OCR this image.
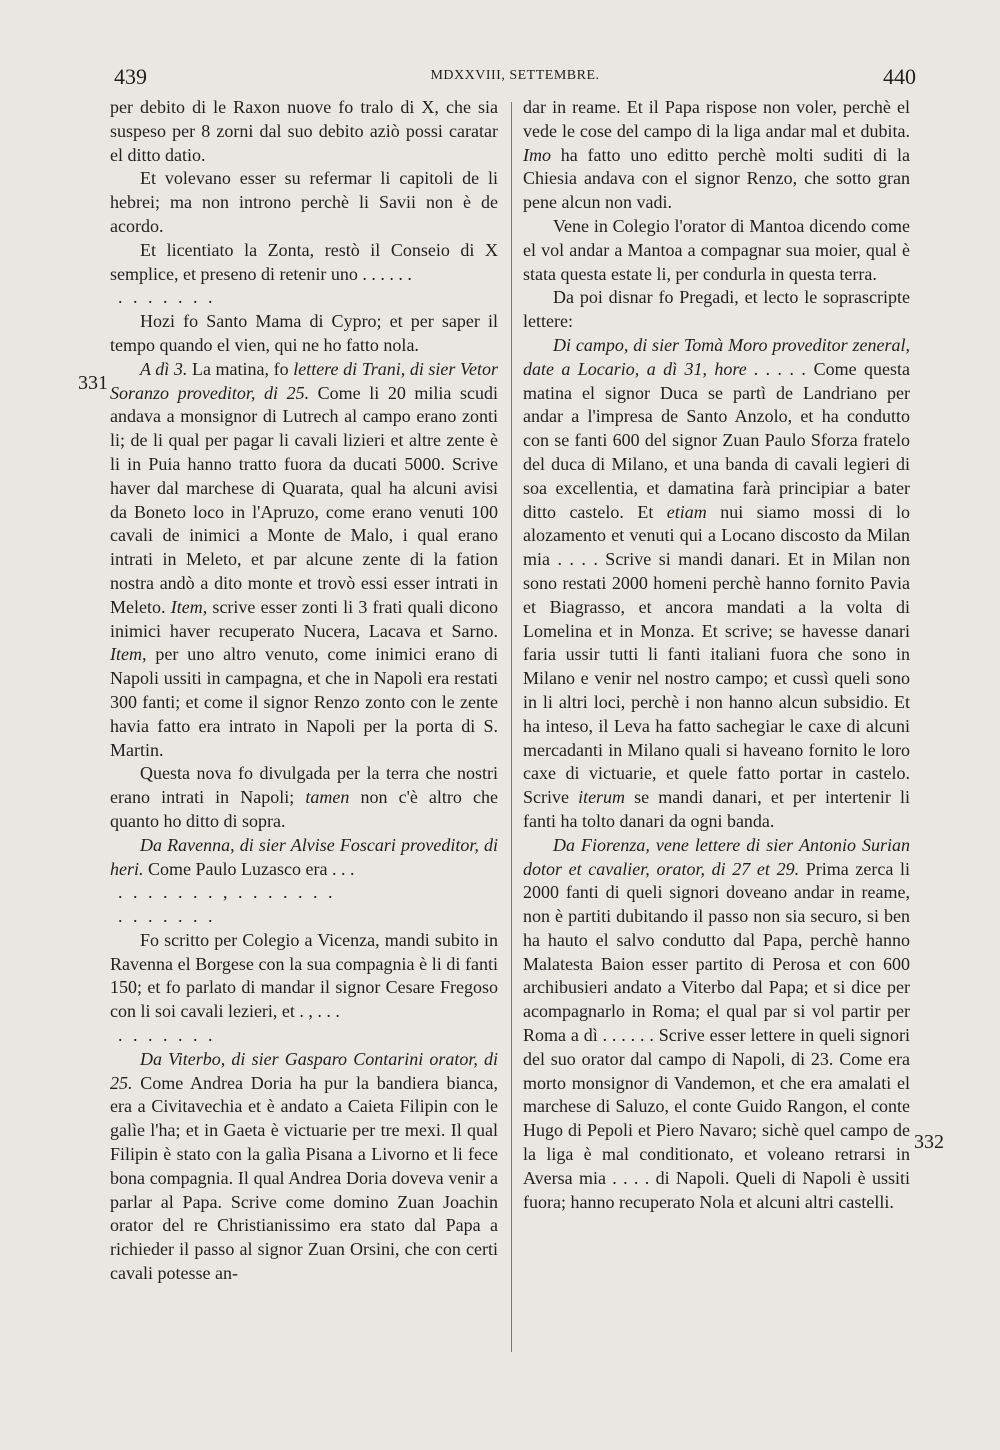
439	MDXXVIII, SETTEMBRE.	440
331
332

per debito di le Raxon nuove fo tralo di X, che sia suspeso per 8 zorni dal suo debito aziò possi caratar el ditto datio.

Et volevano esser su refermar li capitoli de li hebrei; ma non introno perchè li Savii non è de acordo.

Et licentiato la Zonta, restò il Conseio di X semplice, et preseno di retenir uno . . . . . .

. . . . . . .

Hozi fo Santo Mama di Cypro; et per saper il tempo quando el vien, qui ne ho fatto nola.

A dì 3. La matina, fo lettere di Trani, di sier Vetor Soranzo proveditor, di 25. Come li 20 milia scudi andava a monsignor di Lutrech al campo erano zonti li; de li qual per pagar li cavali lizieri et altre zente è li in Puia hanno tratto fuora da ducati 5000. Scrive haver dal marchese di Quarata, qual ha alcuni avisi da Boneto loco in l'Apruzo, come erano venuti 100 cavali de inimici a Monte de Malo, i qual erano intrati in Meleto, et par alcune zente di la fation nostra andò a dito monte et trovò essi esser intrati in Meleto. Item, scrive esser zonti li 3 frati quali dicono inimici haver recuperato Nucera, Lacava et Sarno. Item, per uno altro venuto, come inimici erano di Napoli ussiti in campagna, et che in Napoli era restati 300 fanti; et come il signor Renzo zonto con le zente havia fatto era intrato in Napoli per la porta di S. Martin.

Questa nova fo divulgada per la terra che nostri erano intrati in Napoli; tamen non c'è altro che quanto ho ditto di sopra.

Da Ravenna, di sier Alvise Foscari proveditor, di heri. Come Paulo Luzasco era . . .

. . . . . . . , . . . . . . .

. . . . . . .

Fo scritto per Colegio a Vicenza, mandi subito in Ravenna el Borgese con la sua compagnia è li di fanti 150; et fo parlato di mandar il signor Cesare Fregoso con li soi cavali lezieri, et . , . . .

. . . . . . .

Da Viterbo, di sier Gasparo Contarini orator, di 25. Come Andrea Doria ha pur la bandiera bianca, era a Civitavechia et è andato a Caieta Filipin con le galìe l'ha; et in Gaeta è victuarie per tre mexi. Il qual Filipin è stato con la galìa Pisana a Livorno et li fece bona compagnia. Il qual Andrea Doria doveva venir a parlar al Papa. Scrive come domino Zuan Joachin orator del re Christianissimo era stato dal Papa a richieder il passo al signor Zuan Orsini, che con certi cavali potesse an-

dar in reame. Et il Papa rispose non voler, perchè el vede le cose del campo di la liga andar mal et dubita. Imo ha fatto uno editto perchè molti suditi di la Chiesia andava con el signor Renzo, che sotto gran pene alcun non vadi.

Vene in Colegio l'orator di Mantoa dicendo come el vol andar a Mantoa a compagnar sua moier, qual è stata questa estate li, per condurla in questa terra.

Da poi disnar fo Pregadi, et lecto le soprascripte lettere:

Di campo, di sier Tomà Moro proveditor zeneral, date a Locario, a dì 31, hore . . . . . Come questa matina el signor Duca se partì de Landriano per andar a l'impresa de Santo Anzolo, et ha condutto con se fanti 600 del signor Zuan Paulo Sforza fratelo del duca di Milano, et una banda di cavali legieri di soa excellentia, et damatina farà principiar a bater ditto castelo. Et etiam nui siamo mossi di lo alozamento et venuti qui a Locano discosto da Milan mia . . . . Scrive si mandi danari. Et in Milan non sono restati 2000 homeni perchè hanno fornito Pavia et Biagrasso, et ancora mandati a la volta di Lomelina et in Monza. Et scrive; se havesse danari faria ussir tutti li fanti italiani fuora che sono in Milano e venir nel nostro campo; et cussì queli sono in li altri loci, perchè i non hanno alcun subsidio. Et ha inteso, il Leva ha fatto sachegiar le caxe di alcuni mercadanti in Milano quali si haveano fornito le loro caxe di victuarie, et quele fatto portar in castelo. Scrive iterum se mandi danari, et per intertenir li fanti ha tolto danari da ogni banda.

Da Fiorenza, vene lettere di sier Antonio Surian dotor et cavalier, orator, di 27 et 29. Prima zerca li 2000 fanti di queli signori doveano andar in reame, non è partiti dubitando il passo non sia securo, si ben ha hauto el salvo condutto dal Papa, perchè hanno Malatesta Baion esser partito di Perosa et con 600 archibusieri andato a Viterbo dal Papa; et si dice per acompagnarlo in Roma; el qual par si vol partir per Roma a dì . . . . . . Scrive esser lettere in queli signori del suo orator dal campo di Napoli, di 23. Come era morto monsignor di Vandemon, et che era amalati el marchese di Saluzo, el conte Guido Rangon, el conte Hugo di Pepoli et Piero Navaro; sichè quel campo de la liga è mal conditionato, et voleano retrarsi in Aversa mia . . . . di Napoli. Queli di Napoli è ussiti fuora; hanno recuperato Nola et alcuni altri castelli.
